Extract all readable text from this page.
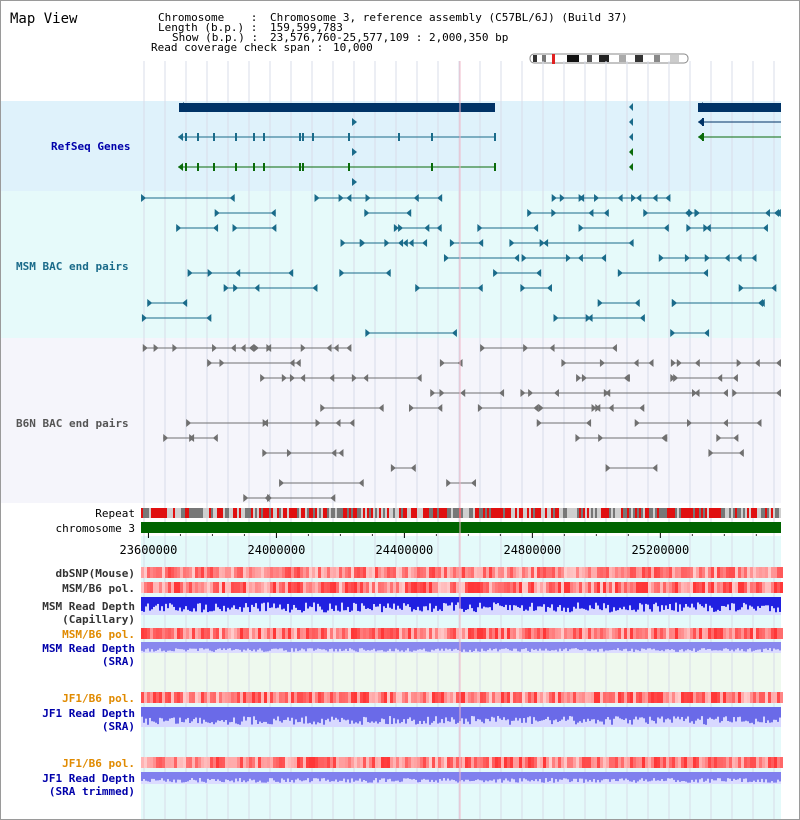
Map View	Chromosome    : Chromosome 3, reference assembly (C57BL/6J) (Build 37)
Length (b.p.) : 159,599,783
Show (b.p.) : 23,576,760-25,577,109 : 2,000,350 bp
Read coverage check span : 10,000
23600000	24000000	24400000	24800000	25200000
RefSeq Genes
MSM BAC end pairs
B6N BAC end pairs
Repeat
chromosome 3
dbSNP(Mouse)
MSM/B6 pol.
MSM Read Depth
(Capillary)
MSM/B6 pol.
MSM Read Depth
(SRA)
JF1/B6 pol.
JF1 Read Depth
(SRA)
JF1/B6 pol.
JF1 Read Depth
(SRA trimmed)
